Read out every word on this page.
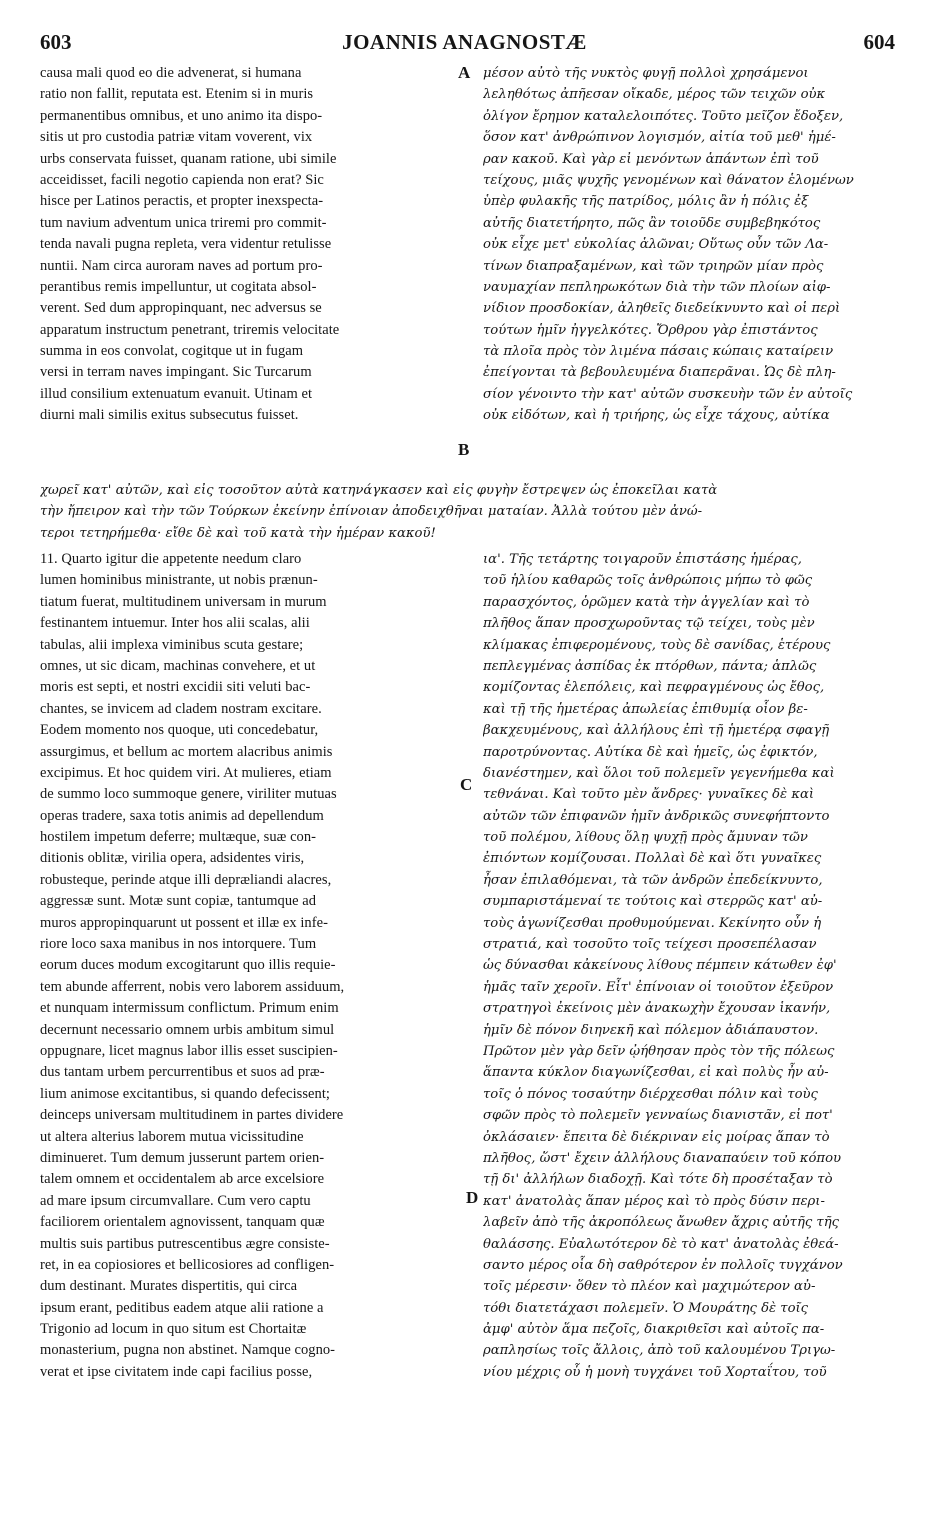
603	JOANNIS ANAGNOSTÆ	604
A
B
C
D
causa mali quod eo die advenerat, si humana
ratio non fallit, reputata est. Etenim si in muris
permanentibus omnibus, et uno animo ita dispo-
sitis ut pro custodia patriæ vitam voverent, vix
urbs conservata fuisset, quanam ratione, ubi simile
acceidisset, facili negotio capienda non erat? Sic
hisce per Latinos peractis, et propter inexspecta-
tum navium adventum unica triremi pro commit-
tenda navali pugna repleta, vera videntur retulisse
nuntii. Nam circa auroram naves ad portum pro-
perantibus remis impelluntur, ut cogitata absol-
verent. Sed dum appropinquant, nec adversus se
apparatum instructum penetrant, triremis velocitate
summa in eos convolat, cogitque ut in fugam
versi in terram naves impingant. Sic Turcarum
illud consilium extenuatum evanuit. Utinam et
diurni mali similis exitus subsecutus fuisset.
μέσον αὐτὸ τῆς νυκτὸς φυγῇ πολλοὶ χρησάμενοι
λεληθότως ἀπῆεσαν οἴκαδε, μέρος τῶν τειχῶν οὐκ
ὀλίγον ἔρημον καταλελοιπότες. Τοῦτο μεῖζον ἔδοξεν,
ὅσον κατ' ἀνθρώπινον λογισμόν, αἰτία τοῦ μεθ' ἡμέ-
ραν κακοῦ. Καὶ γὰρ εἰ μενόντων ἁπάντων ἐπὶ τοῦ
τείχους, μιᾶς ψυχῆς γενομένων καὶ θάνατον ἑλομένων
ὑπὲρ φυλακῆς τῆς πατρίδος, μόλις ἂν ἡ πόλις ἐξ
αὐτῆς διατετήρητο, πῶς ἂν τοιοῦδε συμβεβηκότος
οὐκ εἶχε μετ' εὐκολίας ἁλῶναι; Οὕτως οὖν τῶν Λα-
τίνων διαπραξαμένων, καὶ τῶν τριηρῶν μίαν πρὸς
ναυμαχίαν πεπληρωκότων διὰ τὴν τῶν πλοίων αἰφ-
νίδιον προσδοκίαν, ἀληθεῖς διεδείκνυντο καὶ οἱ περὶ
τούτων ἡμῖν ἠγγελκότες. Ὄρθρου γὰρ ἐπιστάντος
τὰ πλοῖα πρὸς τὸν λιμένα πάσαις κώπαις καταίρειν
ἐπείγονται τὰ βεβουλευμένα διαπερᾶναι. Ὡς δὲ πλη-
σίον γένοιντο τὴν κατ' αὐτῶν συσκευὴν τῶν ἐν αὐτοῖς
οὐκ εἰδότων, καὶ ἡ τριήρης, ὡς εἶχε τάχους, αὐτίκα
χωρεῖ κατ' αὐτῶν, καὶ εἰς τοσοῦτον αὐτὰ κατηνάγκασεν καὶ εἰς φυγὴν ἔστρεψεν ὡς ἐποκεῖλαι κατὰ
τὴν ἤπειρον καὶ τὴν τῶν Τούρκων ἐκείνην ἐπίνοιαν ἀποδειχθῆναι ματαίαν. Ἀλλὰ τούτου μὲν ἀνώ-
τεροι τετηρήμεθα· εἴθε δὲ καὶ τοῦ κατὰ τὴν ἡμέραν κακοῦ!
11. Quarto igitur die appetente needum claro
lumen hominibus ministrante, ut nobis prænun-
tiatum fuerat, multitudinem universam in murum
festinantem intuemur. Inter hos alii scalas, alii
tabulas, alii implexa viminibus scuta gestare;
omnes, ut sic dicam, machinas convehere, et ut
moris est septi, et nostri excidii siti veluti bac-
chantes, se invicem ad cladem nostram excitare.
Eodem momento nos quoque, uti concedebatur,
assurgimus, et bellum ac mortem alacribus animis
excipimus. Et hoc quidem viri. At mulieres, etiam
de summo loco summoque genere, viriliter mutuas
operas tradere, saxa totis animis ad depellendum
hostilem impetum deferre; multæque, suæ con-
ditionis oblitæ, virilia opera, adsidentes viris,
robusteque, perinde atque illi depræliandi alacres,
aggressæ sunt. Motæ sunt copiæ, tantumque ad
muros appropinquarunt ut possent et illæ ex infe-
riore loco saxa manibus in nos intorquere. Tum
eorum duces modum excogitarunt quo illis requie-
tem abunde afferrent, nobis vero laborem assiduum,
et nunquam intermissum conflictum. Primum enim
decernunt necessario omnem urbis ambitum simul
oppugnare, licet magnus labor illis esset suscipien-
dus tantam urbem percurrentibus et suos ad præ-
lium animose excitantibus, si quando defecissent;
deinceps universam multitudinem in partes dividere
ut altera alterius laborem mutua vicissitudine
diminueret. Tum demum jusserunt partem orien-
talem omnem et occidentalem ab arce excelsiore
ad mare ipsum circumvallare. Cum vero captu
faciliorem orientalem agnovissent, tanquam quæ
multis suis partibus putrescentibus ægre consiste-
ret, in ea copiosiores et bellicosiores ad confligen-
dum destinant. Murates dispertitis, qui circa
ipsum erant, peditibus eadem atque alii ratione a
Trigonio ad locum in quo situm est Chortaitæ
monasterium, pugna non abstinet. Namque cogno-
verat et ipse civitatem inde capi facilius posse,
ια'. Τῆς τετάρτης τοιγαροῦν ἐπιστάσης ἡμέρας,
τοῦ ἡλίου καθαρῶς τοῖς ἀνθρώποις μήπω τὸ φῶς
παρασχόντος, ὁρῶμεν κατὰ τὴν ἀγγελίαν καὶ τὸ
πλῆθος ἅπαν προσχωροῦντας τῷ τείχει, τοὺς μὲν
κλίμακας ἐπιφερομένους, τοὺς δὲ σανίδας, ἑτέρους
πεπλεγμένας ἀσπίδας ἐκ πτόρθων, πάντα; ἁπλῶς
κομίζοντας ἑλεπόλεις, καὶ πεφραγμένους ὡς ἔθος,
καὶ τῇ τῆς ἡμετέρας ἀπωλείας ἐπιθυμίᾳ οἷον βε-
βακχευμένους, καὶ ἀλλήλους ἐπὶ τῇ ἡμετέρᾳ σφαγῇ
παροτρύνοντας. Αὐτίκα δὲ καὶ ἡμεῖς, ὡς ἐφικτόν,
διανέστημεν, καὶ ὅλοι τοῦ πολεμεῖν γεγενήμεθα καὶ
τεθνάναι. Καὶ τοῦτο μὲν ἄνδρες· γυναῖκες δὲ καὶ
αὐτῶν τῶν ἐπιφανῶν ἡμῖν ἀνδρικῶς συνεφήπτοντο
τοῦ πολέμου, λίθους ὅλῃ ψυχῇ πρὸς ἄμυναν τῶν
ἐπιόντων κομίζουσαι. Πολλαὶ δὲ καὶ ὅτι γυναῖκες
ἦσαν ἐπιλαθόμεναι, τὰ τῶν ἀνδρῶν ἐπεδείκνυντο,
συμπαριστάμεναί τε τούτοις καὶ στερρῶς κατ' αὐ-
τοὺς ἀγωνίζεσθαι προθυμούμεναι. Κεκίνητο οὖν ἡ
στρατιά, καὶ τοσοῦτο τοῖς τείχεσι προσεπέλασαν
ὡς δύνασθαι κἀκείνους λίθους πέμπειν κάτωθεν ἐφ'
ἡμᾶς ταῖν χεροῖν. Εἶτ' ἐπίνοιαν οἱ τοιοῦτον ἐξεῦρον
στρατηγοὶ ἐκείνοις μὲν ἀνακωχὴν ἔχουσαν ἱκανήν,
ἡμῖν δὲ πόνον διηνεκῆ καὶ πόλεμον ἀδιάπαυστον.
Πρῶτον μὲν γὰρ δεῖν ᾠήθησαν πρὸς τὸν τῆς πόλεως
ἅπαντα κύκλον διαγωνίζεσθαι, εἰ καὶ πολὺς ἦν αὐ-
τοῖς ὁ πόνος τοσαύτην διέρχεσθαι πόλιν καὶ τοὺς
σφῶν πρὸς τὸ πολεμεῖν γενναίως διανιστᾶν, εἰ ποτ'
ὀκλάσαιεν· ἔπειτα δὲ διέκριναν εἰς μοίρας ἅπαν τὸ
πλῆθος, ὥστ' ἔχειν ἀλλήλους διαναπαύειν τοῦ κόπου
τῇ δι' ἀλλήλων διαδοχῇ. Καὶ τότε δὴ προσέταξαν τὸ
κατ' ἀνατολὰς ἅπαν μέρος καὶ τὸ πρὸς δύσιν περι-
λαβεῖν ἀπὸ τῆς ἀκροπόλεως ἄνωθεν ἄχρις αὐτῆς τῆς
θαλάσσης. Εὐαλωτότερον δὲ τὸ κατ' ἀνατολὰς ἐθεά-
σαντο μέρος οἷα δὴ σαθρότερον ἐν πολλοῖς τυγχάνον
τοῖς μέρεσιν· ὅθεν τὸ πλέον καὶ μαχιμώτερον αὐ-
τόθι διατετάχασι πολεμεῖν. Ὁ Μουράτης δὲ τοῖς
ἀμφ' αὐτὸν ἅμα πεζοῖς, διακριθεῖσι καὶ αὐτοῖς πα-
ραπλησίως τοῖς ἄλλοις, ἀπὸ τοῦ καλουμένου Τριγω-
νίου μέχρις οὗ ἡ μονὴ τυγχάνει τοῦ Χορταΐτου, τοῦ
